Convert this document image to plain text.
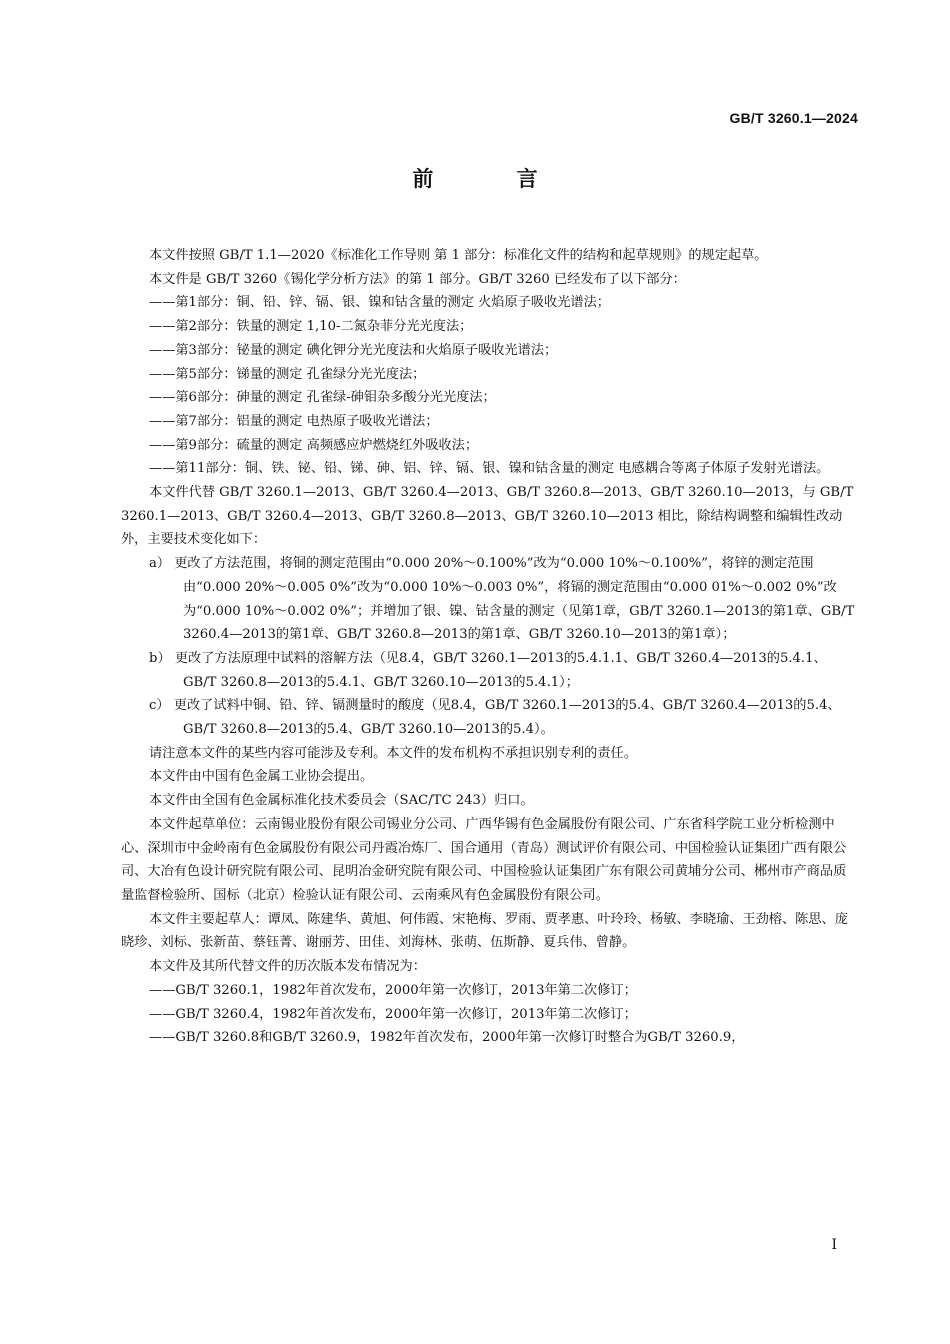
GB/T 3260.1—2024
前 言

本文件按照 GB/T 1.1—2020《标准化工作导则 第 1 部分：标准化文件的结构和起草规则》的规定起草。

本文件是 GB/T 3260《锡化学分析方法》的第 1 部分。GB/T 3260 已经发布了以下部分：

——第1部分：铜、铅、锌、镉、银、镍和钴含量的测定 火焰原子吸收光谱法；

——第2部分：铁量的测定 1,10-二氮杂菲分光光度法；

——第3部分：铋量的测定 碘化钾分光光度法和火焰原子吸收光谱法；

——第5部分：锑量的测定 孔雀绿分光光度法；

——第6部分：砷量的测定 孔雀绿-砷钼杂多酸分光光度法；

——第7部分：铝量的测定 电热原子吸收光谱法；

——第9部分：硫量的测定 高频感应炉燃烧红外吸收法；

——第11部分：铜、铁、铋、铅、锑、砷、铝、锌、镉、银、镍和钴含量的测定 电感耦合等离子体原子发射光谱法。

本文件代替 GB/T 3260.1—2013、GB/T 3260.4—2013、GB/T 3260.8—2013、GB/T 3260.10—2013，与 GB/T 3260.1—2013、GB/T 3260.4—2013、GB/T 3260.8—2013、GB/T 3260.10—2013 相比，除结构调整和编辑性改动外，主要技术变化如下：

a） 更改了方法范围，将铜的测定范围由“0.000 20%～0.100%”改为“0.000 10%～0.100%”，将锌的测定范围由“0.000 20%～0.005 0%”改为“0.000 10%～0.003 0%”，将镉的测定范围由“0.000 01%～0.002 0%”改为“0.000 10%～0.002 0%”；并增加了银、镍、钴含量的测定（见第1章，GB/T 3260.1—2013的第1章、GB/T 3260.4—2013的第1章、GB/T 3260.8—2013的第1章、GB/T 3260.10—2013的第1章）；

b） 更改了方法原理中试料的溶解方法（见8.4，GB/T 3260.1—2013的5.4.1.1、GB/T 3260.4—2013的5.4.1、GB/T 3260.8—2013的5.4.1、GB/T 3260.10—2013的5.4.1）；

c） 更改了试料中铜、铅、锌、镉测量时的酸度（见8.4，GB/T 3260.1—2013的5.4、GB/T 3260.4—2013的5.4、GB/T 3260.8—2013的5.4、GB/T 3260.10—2013的5.4）。

请注意本文件的某些内容可能涉及专利。本文件的发布机构不承担识别专利的责任。

本文件由中国有色金属工业协会提出。

本文件由全国有色金属标准化技术委员会（SAC/TC 243）归口。

本文件起草单位：云南锡业股份有限公司锡业分公司、广西华锡有色金属股份有限公司、广东省科学院工业分析检测中心、深圳市中金岭南有色金属股份有限公司丹霞冶炼厂、国合通用（青岛）测试评价有限公司、中国检验认证集团广西有限公司、大冶有色设计研究院有限公司、昆明冶金研究院有限公司、中国检验认证集团广东有限公司黄埔分公司、郴州市产商品质量监督检验所、国标（北京）检验认证有限公司、云南乘风有色金属股份有限公司。

本文件主要起草人：谭凤、陈建华、黄旭、何伟霞、宋艳梅、罗雨、贾孝惠、叶玲玲、杨敏、李晓瑜、王劲榕、陈思、庞晓珍、刘标、张新苗、蔡钰菁、谢丽芳、田佳、刘海林、张萌、伍斯静、夏兵伟、曾静。

本文件及其所代替文件的历次版本发布情况为：

——GB/T 3260.1，1982年首次发布，2000年第一次修订，2013年第二次修订；

——GB/T 3260.4，1982年首次发布，2000年第一次修订，2013年第二次修订；

——GB/T 3260.8和GB/T 3260.9，1982年首次发布，2000年第一次修订时整合为GB/T 3260.9，

I
